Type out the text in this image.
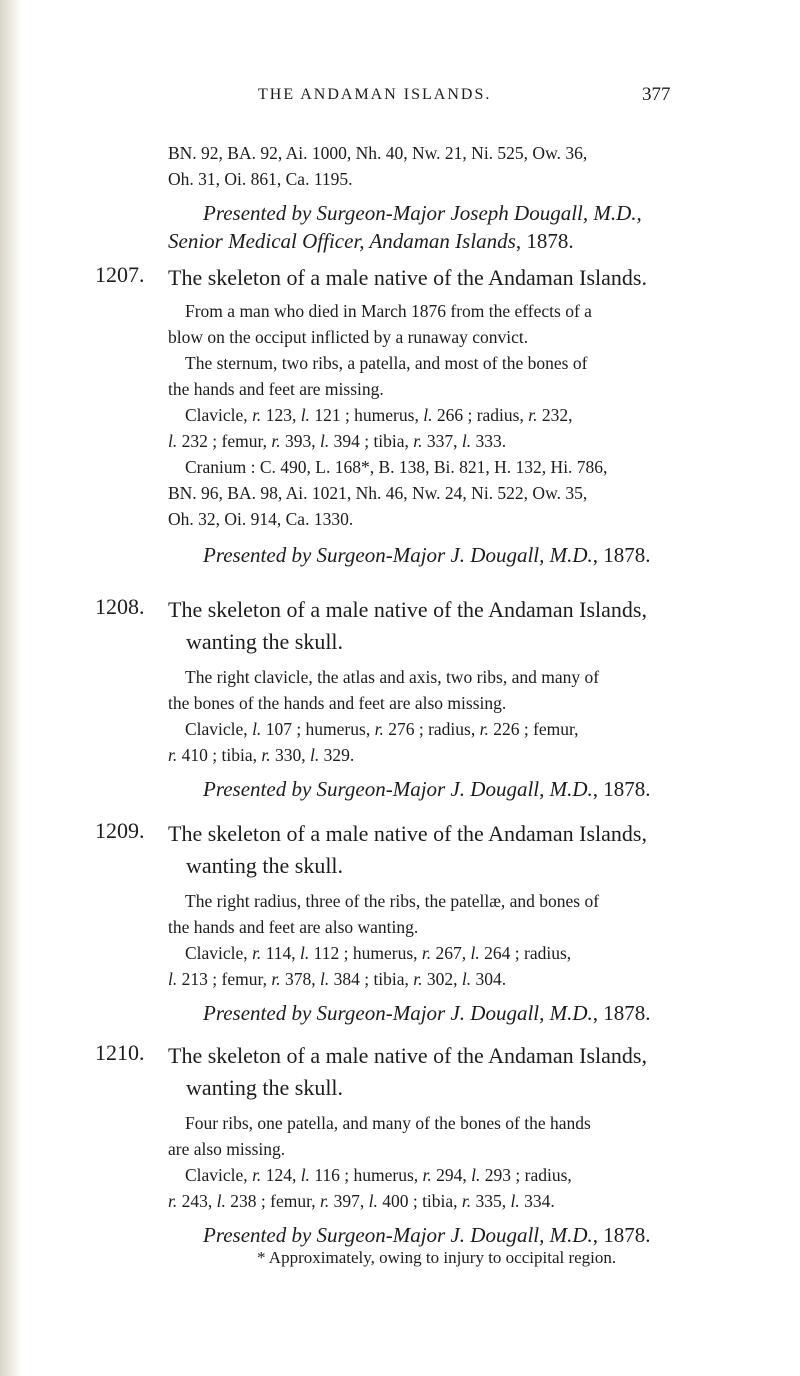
THE ANDAMAN ISLANDS.	377

BN. 92, BA. 92, Ai. 1000, Nh. 40, Nw. 21, Ni. 525, Ow. 36,

Oh. 31, Oi. 861, Ca. 1195.

Presented by Surgeon-Major Joseph Dougall, M.D.,

Senior Medical Officer, Andaman Islands, 1878.

1207. The skeleton of a male native of the Andaman Islands.

From a man who died in March 1876 from the effects of a

blow on the occiput inflicted by a runaway convict.

The sternum, two ribs, a patella, and most of the bones of

the hands and feet are missing.

Clavicle, r. 123, l. 121 ; humerus, l. 266 ; radius, r. 232,

l. 232 ; femur, r. 393, l. 394 ; tibia, r. 337, l. 333.

Cranium : C. 490, L. 168*, B. 138, Bi. 821, H. 132, Hi. 786,

BN. 96, BA. 98, Ai. 1021, Nh. 46, Nw. 24, Ni. 522, Ow. 35,

Oh. 32, Oi. 914, Ca. 1330.

Presented by Surgeon-Major J. Dougall, M.D., 1878.

1208. The skeleton of a male native of the Andaman Islands,

wanting the skull.

The right clavicle, the atlas and axis, two ribs, and many of

the bones of the hands and feet are also missing.

Clavicle, l. 107 ; humerus, r. 276 ; radius, r. 226 ; femur,

r. 410 ; tibia, r. 330, l. 329.

Presented by Surgeon-Major J. Dougall, M.D., 1878.

1209. The skeleton of a male native of the Andaman Islands,

wanting the skull.

The right radius, three of the ribs, the patellæ, and bones of

the hands and feet are also wanting.

Clavicle, r. 114, l. 112 ; humerus, r. 267, l. 264 ; radius,

l. 213 ; femur, r. 378, l. 384 ; tibia, r. 302, l. 304.

Presented by Surgeon-Major J. Dougall, M.D., 1878.

1210. The skeleton of a male native of the Andaman Islands,

wanting the skull.

Four ribs, one patella, and many of the bones of the hands

are also missing.

Clavicle, r. 124, l. 116 ; humerus, r. 294, l. 293 ; radius,

r. 243, l. 238 ; femur, r. 397, l. 400 ; tibia, r. 335, l. 334.

Presented by Surgeon-Major J. Dougall, M.D., 1878.

* Approximately, owing to injury to occipital region.
